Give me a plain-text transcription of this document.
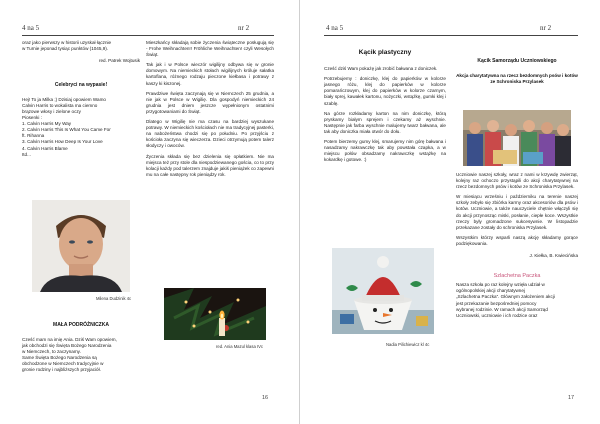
4 na 5	nr 2
oraz jako pierwszy w historii uzyskał łącznie
w Turnie jeponad tysiąc punktów (1045,9).
red. Patrek Wojtusik
Celebryci na wypasie!
Hej! To ja Milka ;) Dzisiaj opowiem Wamo
Calvin Harris to wokalista ma ciemno
brązowe włosy i zielone oczy
Piosenki :
1. Calvin Harris My Way
2. Calvin Harris This Is What You Came For
ft. Rihanna
3. Calvin Harris How Deep Is Your Love
4. Calvin Harris Blame
Itd...
Milena Dudzinik 4c
MAŁA PODRÓŻNICZKA
Cześć mam na imię Ania. Dziś Wam opowiem,
jak obchodzi się Święta Bożego Narodzenia
w Niemczech, to zaczynamy.
Same Święta Bożego Narodzenia są
obchodzone w Niemczech tradycyjnie w
gronie rodziny i najbliższych przyjaciół.

Mieszkańcy składają sobie życzenia świąteczne posługują się - Frohe Weihnachten!! Fröhliche Weihnachten! czyli Wesołych Świąt.

Tak jak i w Polsce wieczór wigilijny odbywa się w gronie domowym. Na niemieckich stołach wigilijnych króluje sałatka kartoflana, różnego rodzaju pieczone kiełbasa i potrawy z kaszy ki kiszonej.

Prawdziwe święta zaczynają się w Niemczech 25 grudnia, a nie jak w Polsce w Wigilię. Dla gospodyń niemieckich 24 grudnia jest dniem jeszcze wypełnionym ostatnimi przygotowaniami do Świąt.

Dlatego w Wigilię nie ma czasu na bardziej wyszukane potrawy. W niemieckich kościołach nie ma tradycyjnej pasterki, na nabożeństwa chodzi się po południu. Po przyjściu z kościoła zaczyna się wieczerza. Dzieci otrzymują potem talerz słodyczy i owoców.

Życzenia składa się bez dzielenia się opłatkiem. Nie ma miejsca też przy stole dla niespodziewanego gościa, co to przy kolacji każdy pod talerzem znajduje jakiś pieniążek co zapewni mu na całe następny rok pieniądzy rok.

red. Ania Mazul klasa IVc
16
4 na 5	nr 2
Kącik plastyczny

Cześć dziś Wam pokażę jak zrobić bałwana z doniczek.

Potrzebujemy : doniczkę, klej do papierków w kolorze jasnego różu, klej do papierków w kolorze pomarańczowym, klej do papierków w kolorze czarnym, biały sprej, kawałek kartonu, nożyczki, wstążkę, gumki klej i szablę.

Na górze rozkładamy karton na nim doniczkę, którą pryskamy białym sprejem i czekamy aż wyschnie. Następnie jak farba wyschnie malujemy twarz bałwana, ale tak aby doniczka miała otwór do dołu.

Potem bierzemy gumy klej, smarujemy nim górę bałwana i nasadzamy nakrawczkę tak aby powstała czapka, a w miejscu połów obsadzamy nakrawczkę wstążkę na kokardkę i gotowe. :)

Nadia Pilichiewicz kl 4c
Kącik Samorządu Uczniowskiego
Akcja charytatywna na rzecz bezdomnych psów i kotów ze Schroniska Przylasek

Uczniowie naszej szkoły, wraz z nami w krzywdę zwierząt, kolejny raz ochoczo przystąpili do akcji charytatywnej na rzecz bezdomnych psów i kotów ze Schroniska Przylasek.

W miesiącu wrześniu i październiku na terenie naszej szkoły zebyło się zbiórka karmy oraz akcesoriów dla psów i kotów. Uczniowie, a także nauczyciele chętnie włączyli się do akcji przynosząc miski, posłanie, ciepłe koce. Wszystkie rzeczy były gromadzone sukcesywnie. W listopadzie przekazane zostały do schroniska Przylasek.

Wszystkim którzy wsparli naszą akcję składamy gorące podziękowania.

J. Kiełka, B. Kwiecińska
Szlachetna Paczka
Nasza szkoła po raz kolejny wzięła udział w
ogólnopolskiej akcji charytatywnej
„Szlachetna Paczka”. Głównym założeniem akcji
jest przekazanie bezpośredniej pomocy
wybranej rodzinie. W ramach akcji Samorząd
Uczniowski, uczniowie i ich rodzice oraz
17
